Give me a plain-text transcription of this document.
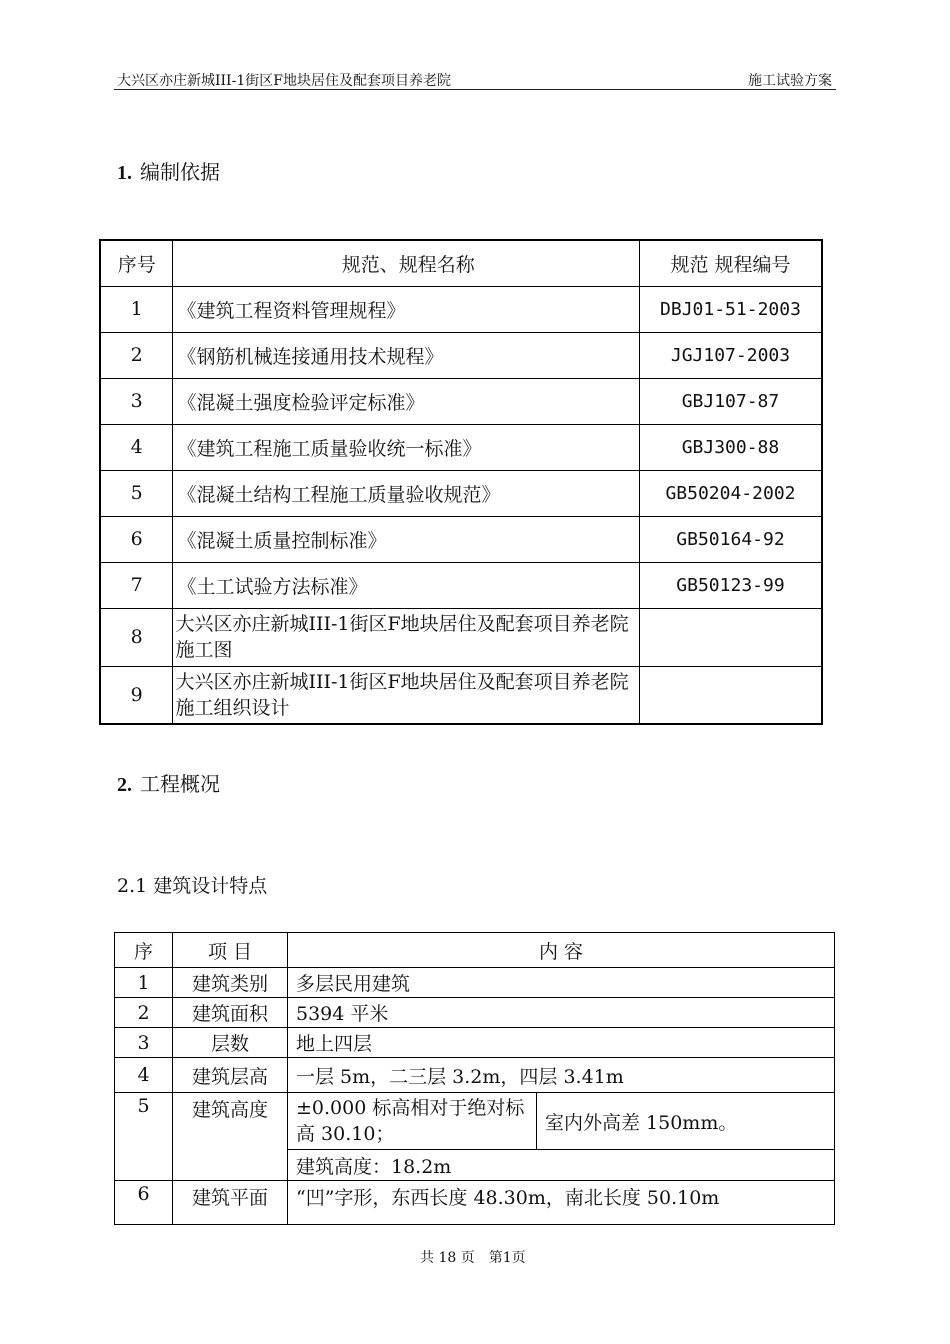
大兴区亦庄新城III-1街区F地块居住及配套项目养老院	施工试验方案
1. 编制依据
序号	规范、规程名称	规范 规程编号
1	《建筑工程资料管理规程》	DBJ01-51-2003
2	《钢筋机械连接通用技术规程》	JGJ107-2003
3	《混凝土强度检验评定标准》	GBJ107-87
4	《建筑工程施工质量验收统一标准》	GBJ300-88
5	《混凝土结构工程施工质量验收规范》	GB50204-2002
6	《混凝土质量控制标准》	GB50164-92
7	《土工试验方法标准》	GB50123-99
8	大兴区亦庄新城III-1街区F地块居住及配套项目养老院施工图	
9	大兴区亦庄新城III-1街区F地块居住及配套项目养老院施工组织设计	
2. 工程概况
2.1 建筑设计特点
序	项 目	内 容	
1	建筑类别	多层民用建筑	
2	建筑面积	5394 平米	
3	层数	地上四层	
4	建筑层高	一层 5m，二三层 3.2m，四层 3.41m	
5	建筑高度	±0.000 标高相对于绝对标高 30.10；	室内外高差 150mm。
		建筑高度：18.2m	
6	建筑平面	“凹”字形，东西长度 48.30m，南北长度 50.10m	
共 18 页　第1页
